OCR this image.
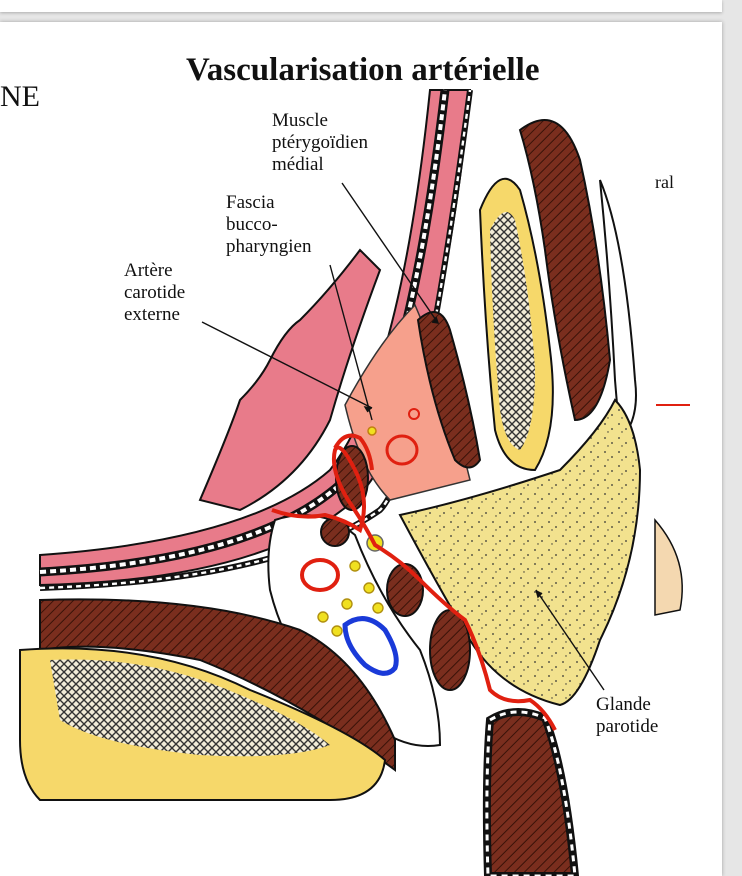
Vascularisation artérielle
NE
ral
Muscle
ptérygoïdien
médial
Fascia
bucco-
pharyngien
Artère
carotide
externe
Glande
parotide
